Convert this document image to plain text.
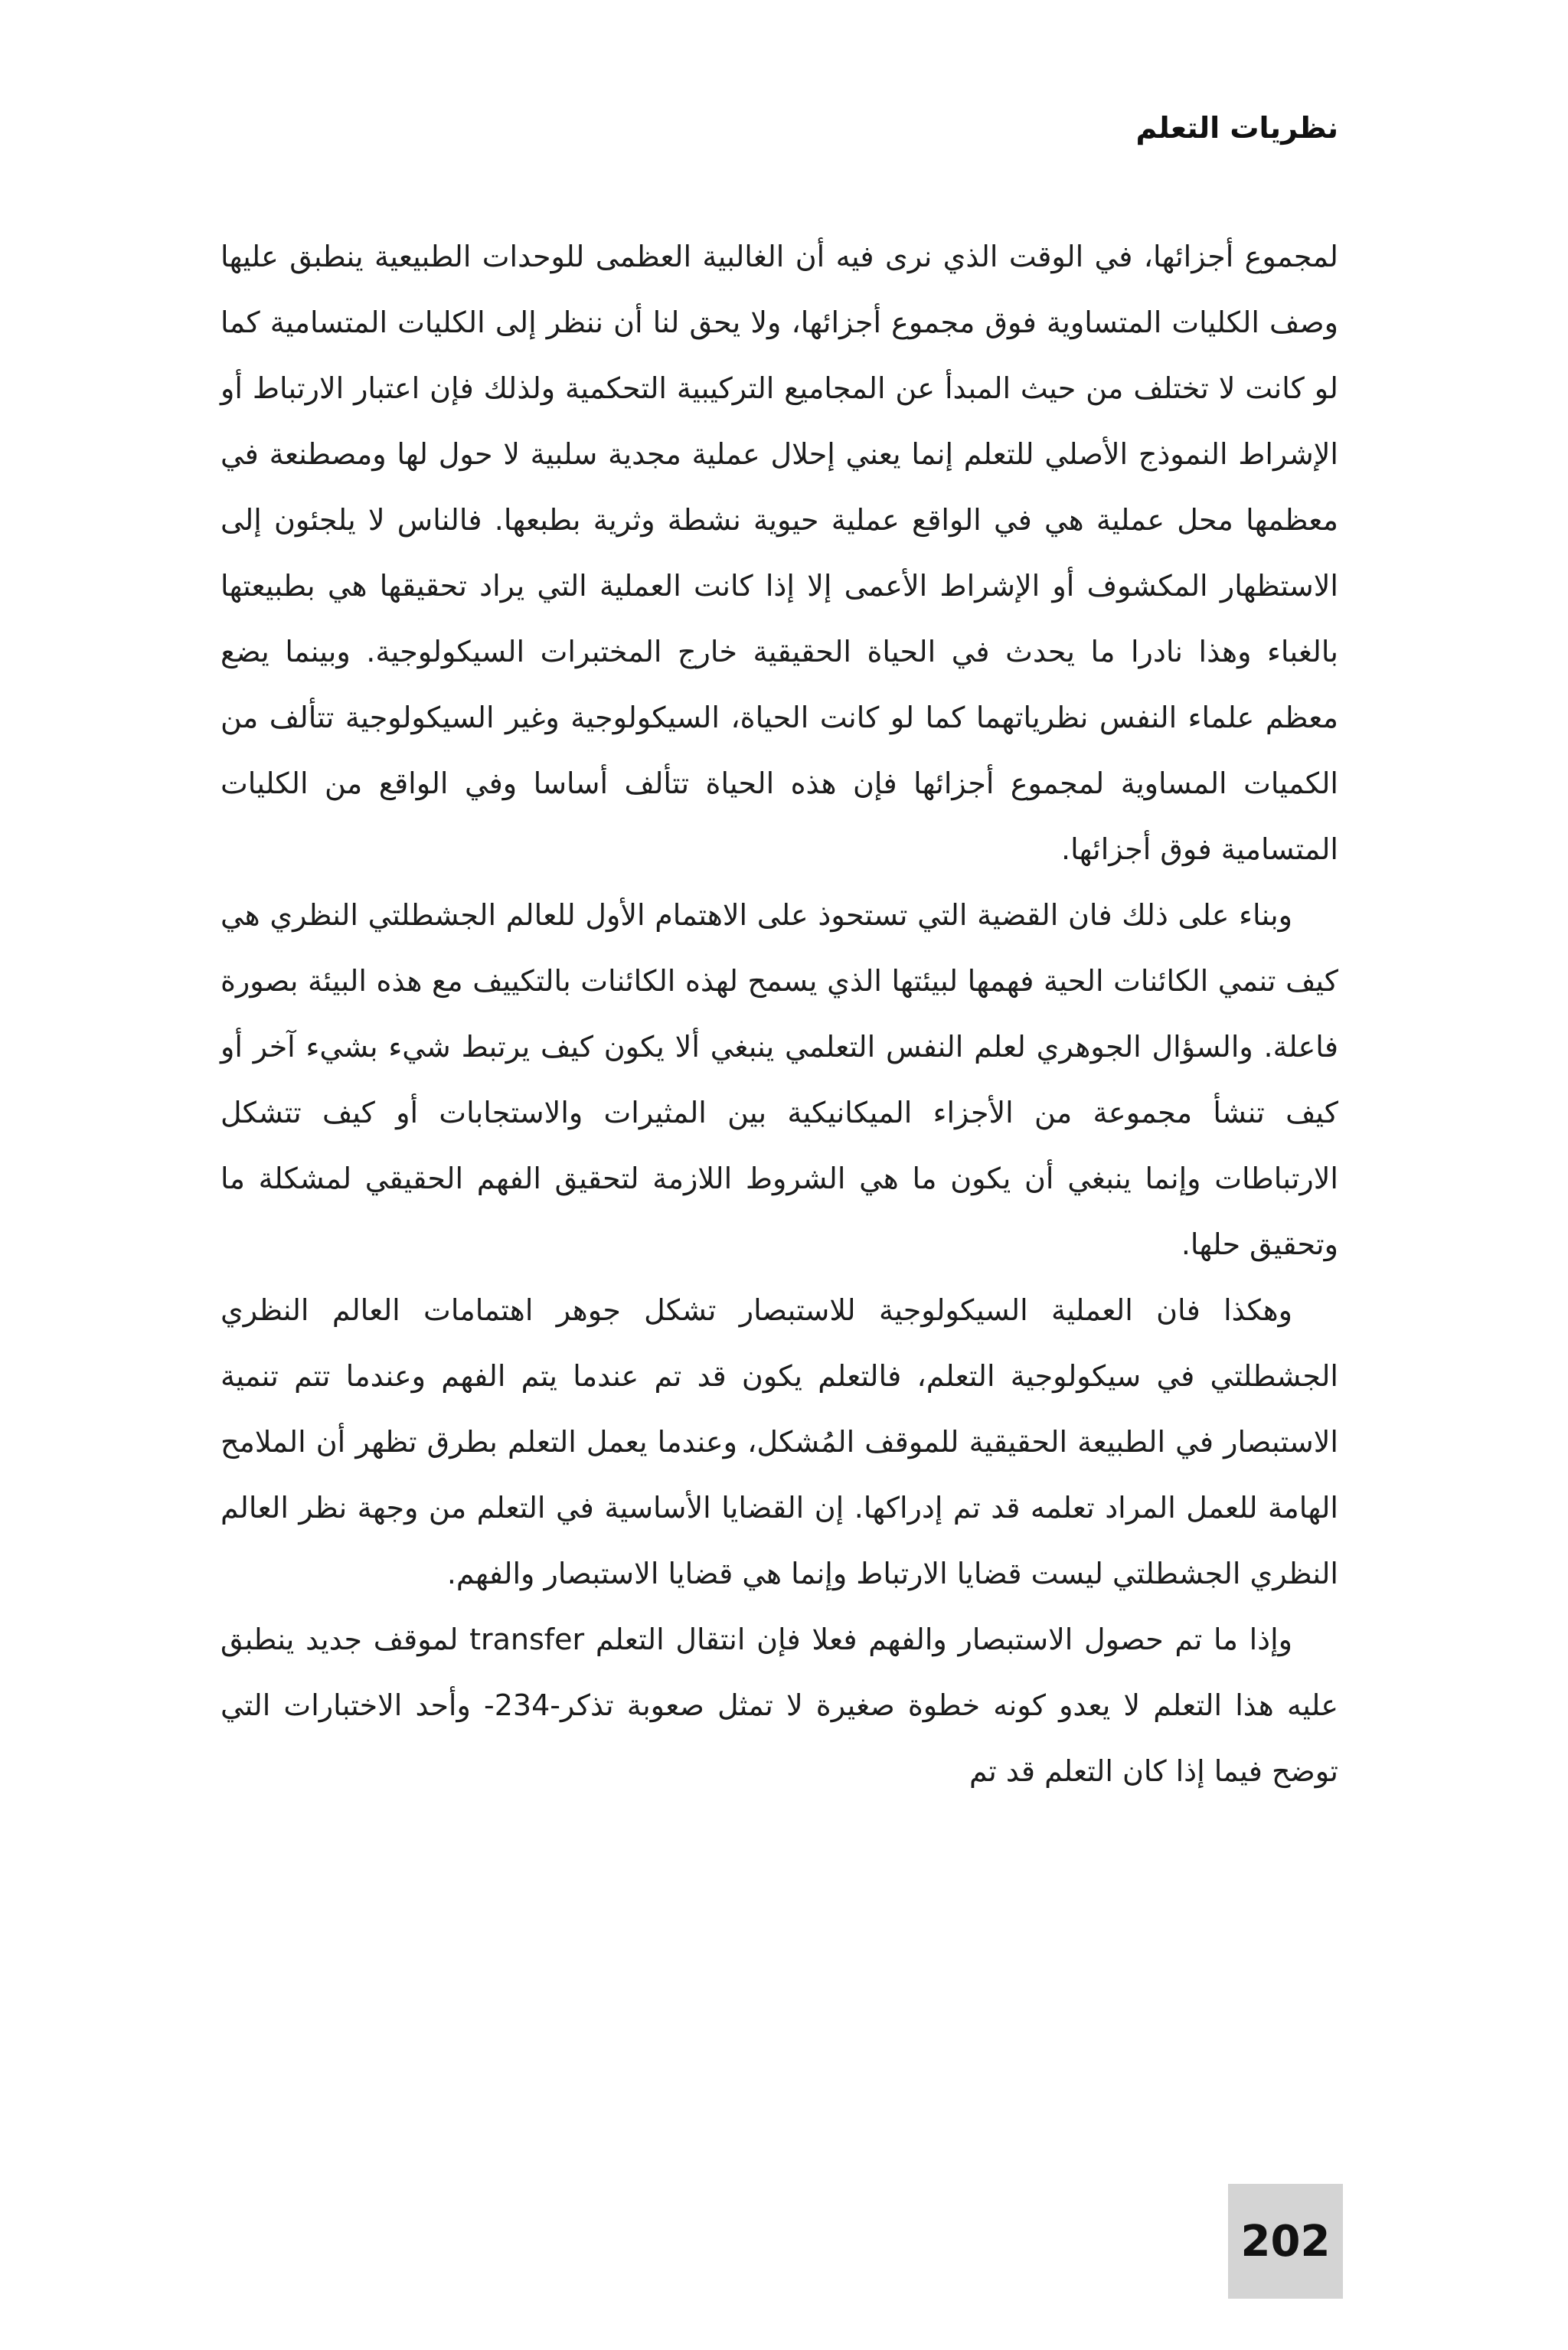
نظريات التعلم

لمجموع أجزائها، في الوقت الذي نرى فيه أن الغالبية العظمى للوحدات الطبيعية ينطبق عليها وصف الكليات المتساوية فوق مجموع أجزائها، ولا يحق لنا أن ننظر إلى الكليات المتسامية كما لو كانت لا تختلف من حيث المبدأ عن المجاميع التركيبية التحكمية ولذلك فإن اعتبار الارتباط أو الإشراط النموذج الأصلي للتعلم إنما يعني إحلال عملية مجدية سلبية لا حول لها ومصطنعة في معظمها محل عملية هي في الواقع عملية حيوية نشطة وثرية بطبعها. فالناس لا يلجئون إلى الاستظهار المكشوف أو الإشراط الأعمى إلا إذا كانت العملية التي يراد تحقيقها هي بطبيعتها بالغباء وهذا نادرا ما يحدث في الحياة الحقيقية خارج المختبرات السيكولوجية. وبينما يضع معظم علماء النفس نظرياتهما كما لو كانت الحياة، السيكولوجية وغير السيكولوجية تتألف من الكميات المساوية لمجموع أجزائها فإن هذه الحياة تتألف أساسا وفي الواقع من الكليات المتسامية فوق أجزائها.

وبناء على ذلك فان القضية التي تستحوذ على الاهتمام الأول للعالم الجشطلتي النظري هي كيف تنمي الكائنات الحية فهمها لبيئتها الذي يسمح لهذه الكائنات بالتكييف مع هذه البيئة بصورة فاعلة. والسؤال الجوهري لعلم النفس التعلمي ينبغي ألا يكون كيف يرتبط شيء بشيء آخر أو كيف تنشأ مجموعة من الأجزاء الميكانيكية بين المثيرات والاستجابات أو كيف تتشكل الارتباطات وإنما ينبغي أن يكون ما هي الشروط اللازمة لتحقيق الفهم الحقيقي لمشكلة ما وتحقيق حلها.

وهكذا فان العملية السيكولوجية للاستبصار تشكل جوهر اهتمامات العالم النظري الجشطلتي في سيكولوجية التعلم، فالتعلم يكون قد تم عندما يتم الفهم وعندما تتم تنمية الاستبصار في الطبيعة الحقيقية للموقف المُشكل، وعندما يعمل التعلم بطرق تظهر أن الملامح الهامة للعمل المراد تعلمه قد تم إدراكها. إن القضايا الأساسية في التعلم من وجهة نظر العالم النظري الجشطلتي ليست قضايا الارتباط وإنما هي قضايا الاستبصار والفهم.

وإذا ما تم حصول الاستبصار والفهم فعلا فإن انتقال التعلم transfer لموقف جديد ينطبق عليه هذا التعلم لا يعدو كونه خطوة صغيرة لا تمثل صعوبة تذكر-234- وأحد الاختبارات التي توضح فيما إذا كان التعلم قد تم

202
